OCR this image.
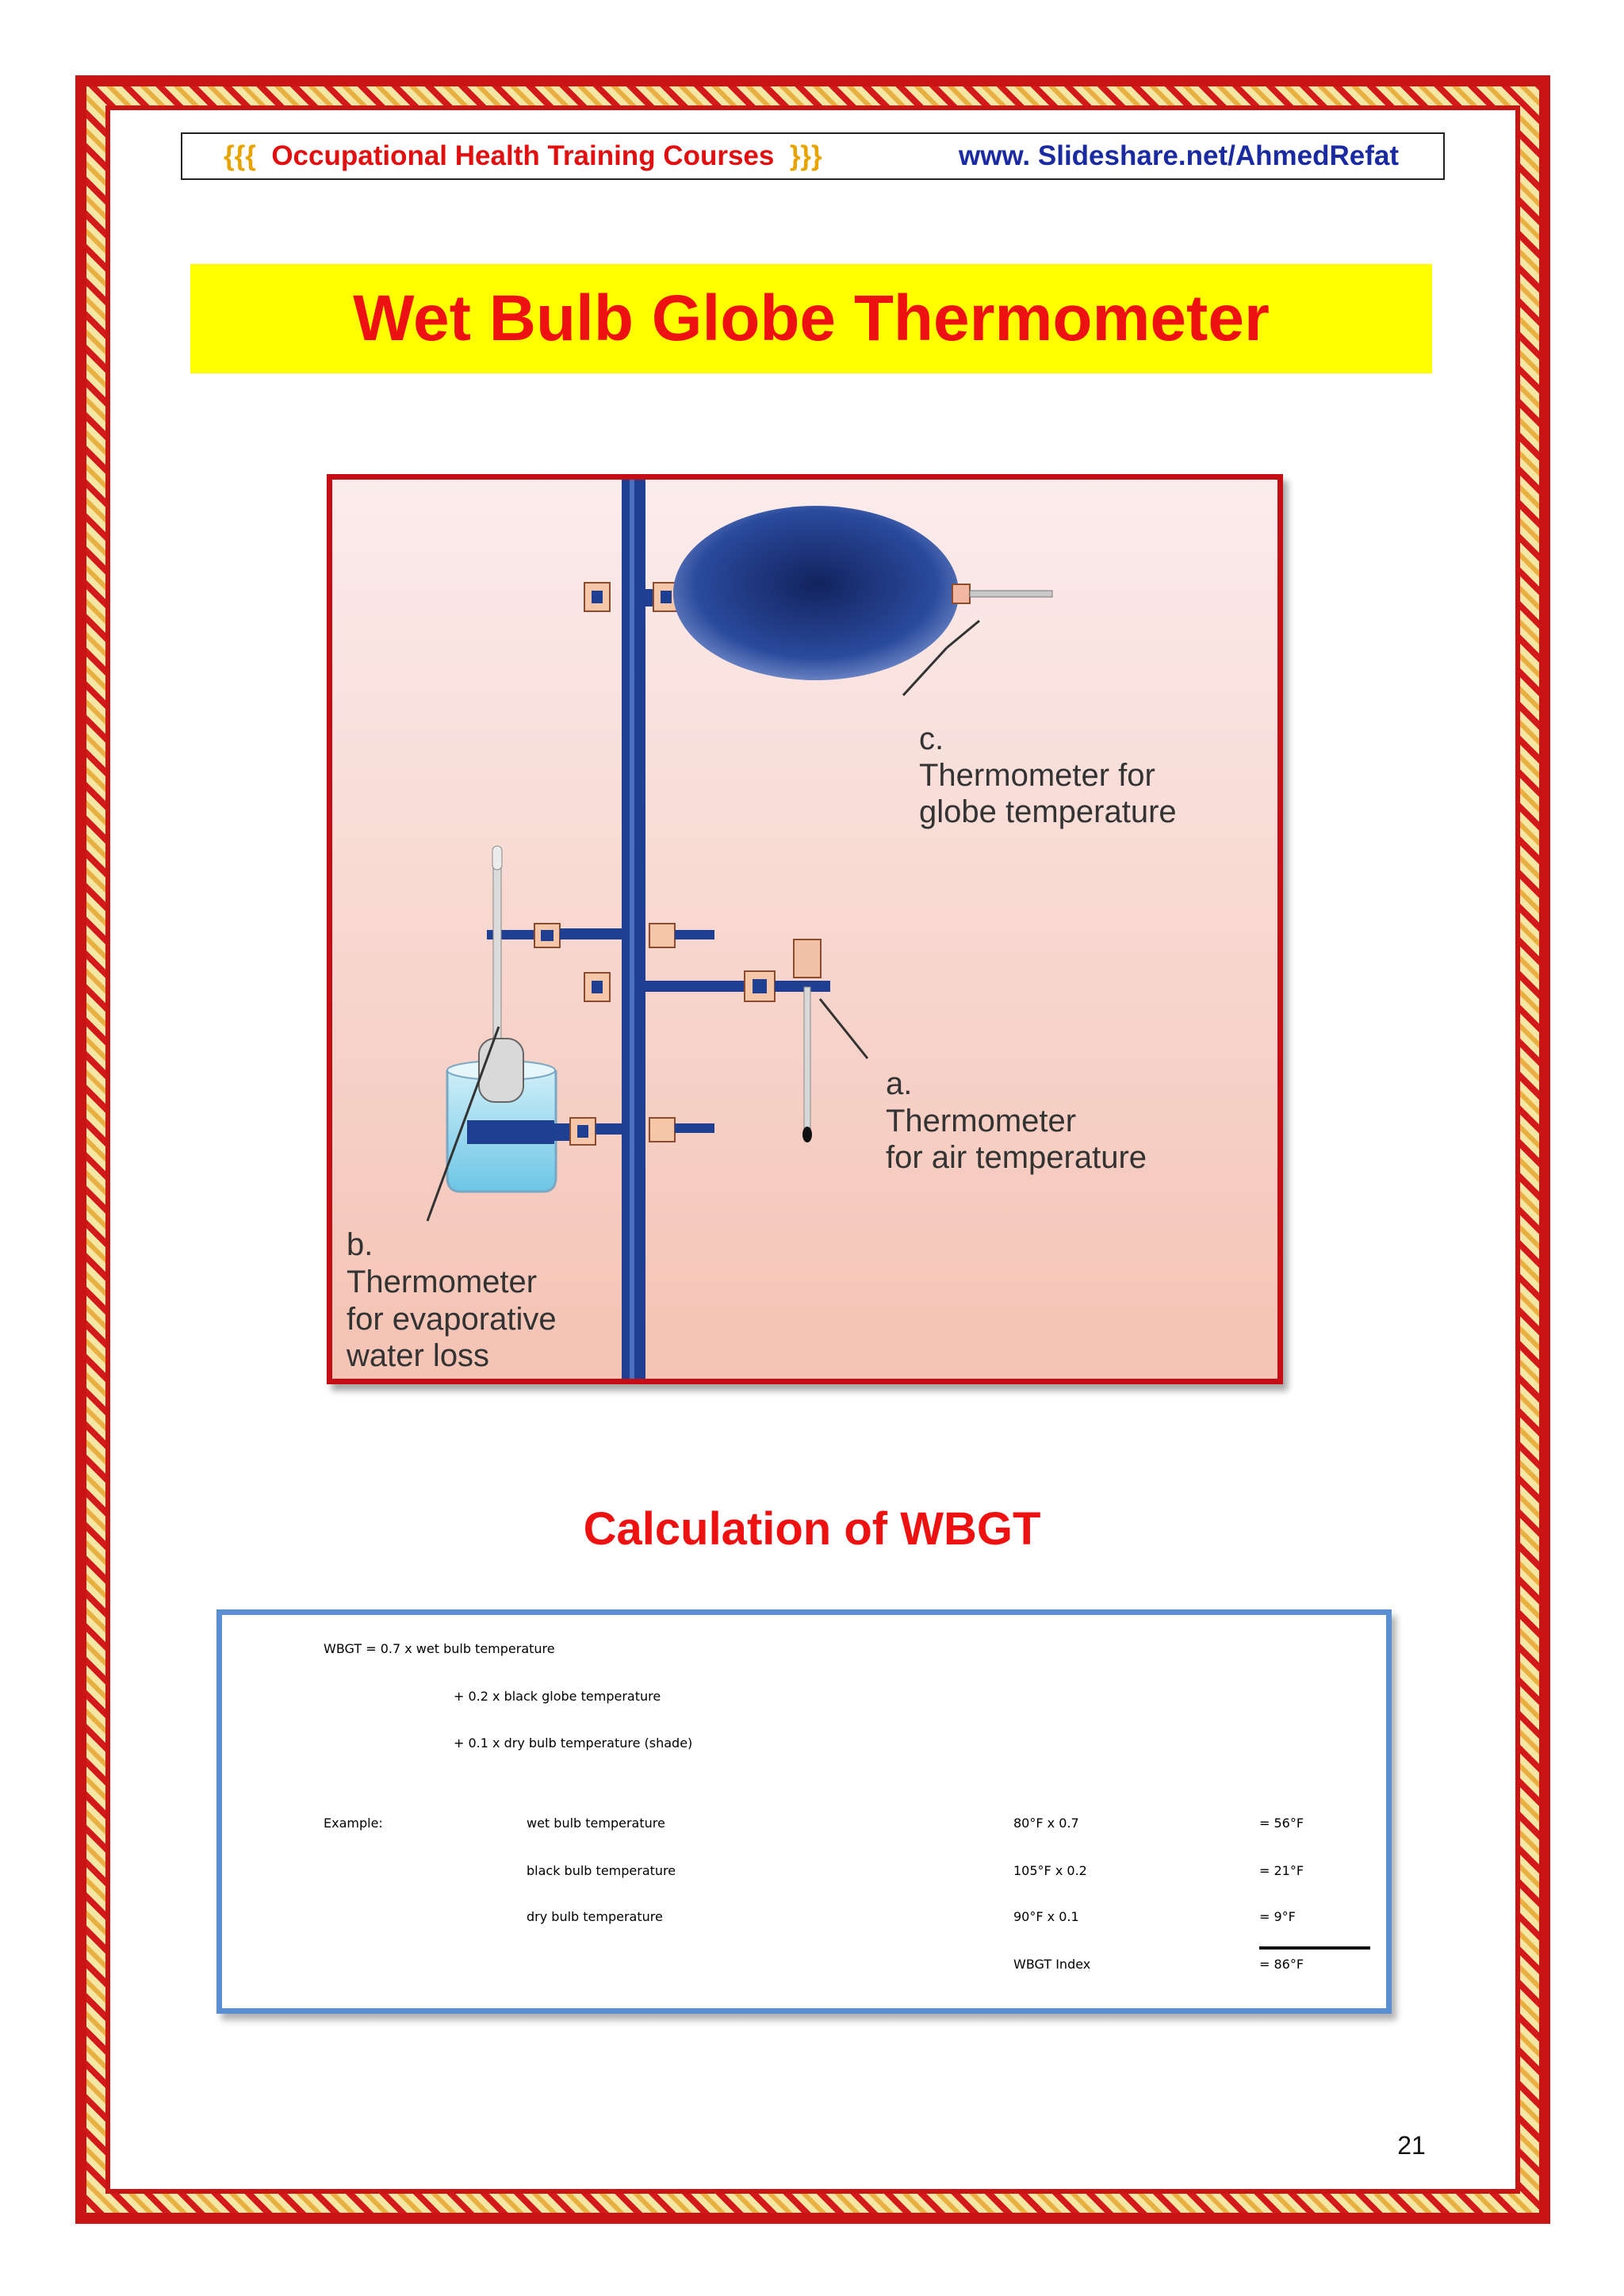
{{{ Occupational Health Training Courses }}}	www. Slideshare.net/AhmedRefat
Wet Bulb Globe Thermometer
c.
Thermometer for
globe temperature
a.
Thermometer
for air temperature
b.
Thermometer
for evaporative
water loss
Calculation of WBGT
WBGT = 0.7 x wet bulb temperature
+ 0.2 x black globe temperature
+ 0.1 x dry bulb temperature (shade)
Example:	wet bulb temperature	80°F x 0.7	= 56°F
black bulb temperature	105°F x 0.2	= 21°F
dry bulb temperature	90°F x 0.1	= 9°F
WBGT Index	= 86°F
21
